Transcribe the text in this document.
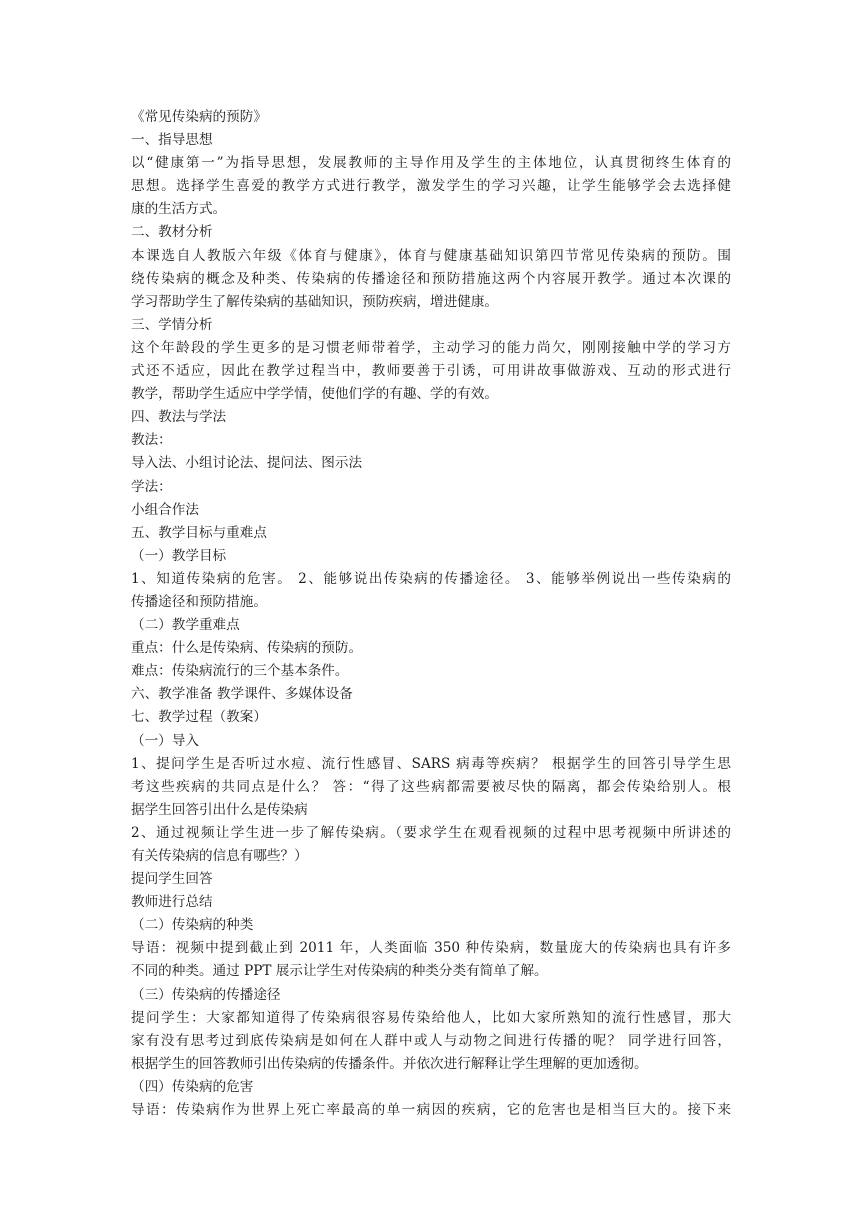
《常见传染病的预防》
一、指导思想
以“健康第一”为指导思想，发展教师的主导作用及学生的主体地位，认真贯彻终生体育的
思想。选择学生喜爱的教学方式进行教学，激发学生的学习兴趣，让学生能够学会去选择健
康的生活方式。
二、教材分析
本课选自人教版六年级《体育与健康》，体育与健康基础知识第四节常见传染病的预防。围
绕传染病的概念及种类、传染病的传播途径和预防措施这两个内容展开教学。通过本次课的
学习帮助学生了解传染病的基础知识，预防疾病，增进健康。
三、学情分析
这个年龄段的学生更多的是习惯老师带着学，主动学习的能力尚欠，刚刚接触中学的学习方
式还不适应，因此在教学过程当中，教师要善于引诱，可用讲故事做游戏、互动的形式进行
教学，帮助学生适应中学学情，使他们学的有趣、学的有效。
四、教法与学法
教法：
导入法、小组讨论法、提问法、图示法
学法：
小组合作法
五、教学目标与重难点
（一）教学目标
1、知道传染病的危害。 2、能够说出传染病的传播途径。 3、能够举例说出一些传染病的
传播途径和预防措施。
（二）教学重难点
重点：什么是传染病、传染病的预防。
难点：传染病流行的三个基本条件。
六、教学准备 教学课件、多媒体设备
七、教学过程（教案）
（一）导入
1、提问学生是否听过水痘、流行性感冒、SARS 病毒等疾病？ 根据学生的回答引导学生思
考这些疾病的共同点是什么？ 答：“得了这些病都需要被尽快的隔离，都会传染给别人。根
据学生回答引出什么是传染病
2、通过视频让学生进一步了解传染病。（要求学生在观看视频的过程中思考视频中所讲述的
有关传染病的信息有哪些？）
提问学生回答
教师进行总结
（二）传染病的种类
导语：视频中提到截止到 2011 年，人类面临 350 种传染病，数量庞大的传染病也具有许多
不同的种类。通过 PPT 展示让学生对传染病的种类分类有简单了解。
（三）传染病的传播途径
提问学生：大家都知道得了传染病很容易传染给他人，比如大家所熟知的流行性感冒，那大
家有没有思考过到底传染病是如何在人群中或人与动物之间进行传播的呢？ 同学进行回答，
根据学生的回答教师引出传染病的传播条件。并依次进行解释让学生理解的更加透彻。
（四）传染病的危害
导语：传染病作为世界上死亡率最高的单一病因的疾病，它的危害也是相当巨大的。接下来
